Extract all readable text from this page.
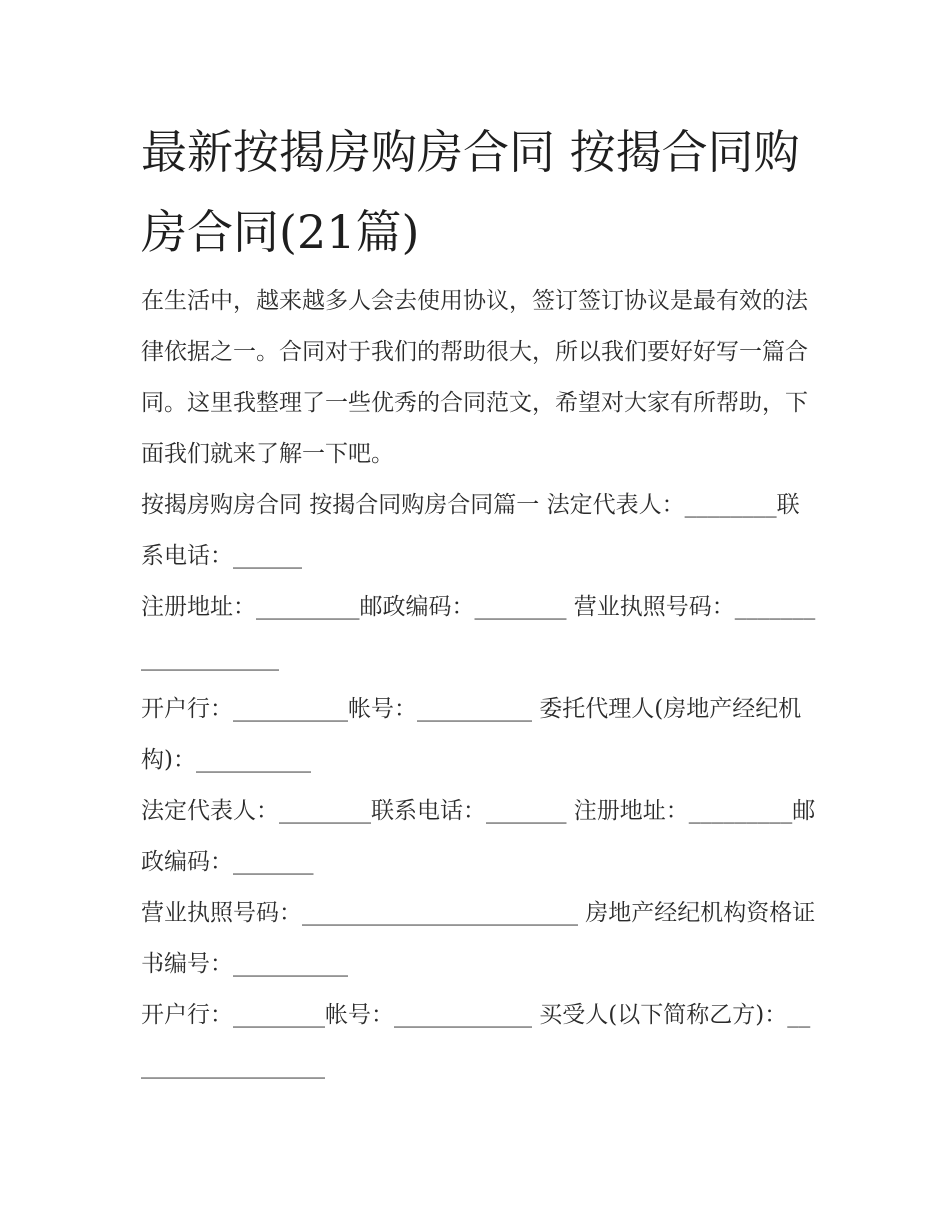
最新按揭房购房合同 按揭合同购房合同(21篇)

在生活中，越来越多人会去使用协议，签订签订协议是最有效的法律依据之一。合同对于我们的帮助很大，所以我们要好好写一篇合同。这里我整理了一些优秀的合同范文，希望对大家有所帮助，下面我们就来了解一下吧。

按揭房购房合同 按揭合同购房合同篇一 法定代表人：________联系电话：______

注册地址：_________邮政编码：________ 营业执照号码：___________________

开户行：__________帐号：__________ 委托代理人(房地产经纪机构)：__________

法定代表人：________联系电话：_______ 注册地址：_________邮政编码：_______

营业执照号码：________________________ 房地产经纪机构资格证书编号：__________

开户行：________帐号：____________ 买受人(以下简称乙方)：__________________
